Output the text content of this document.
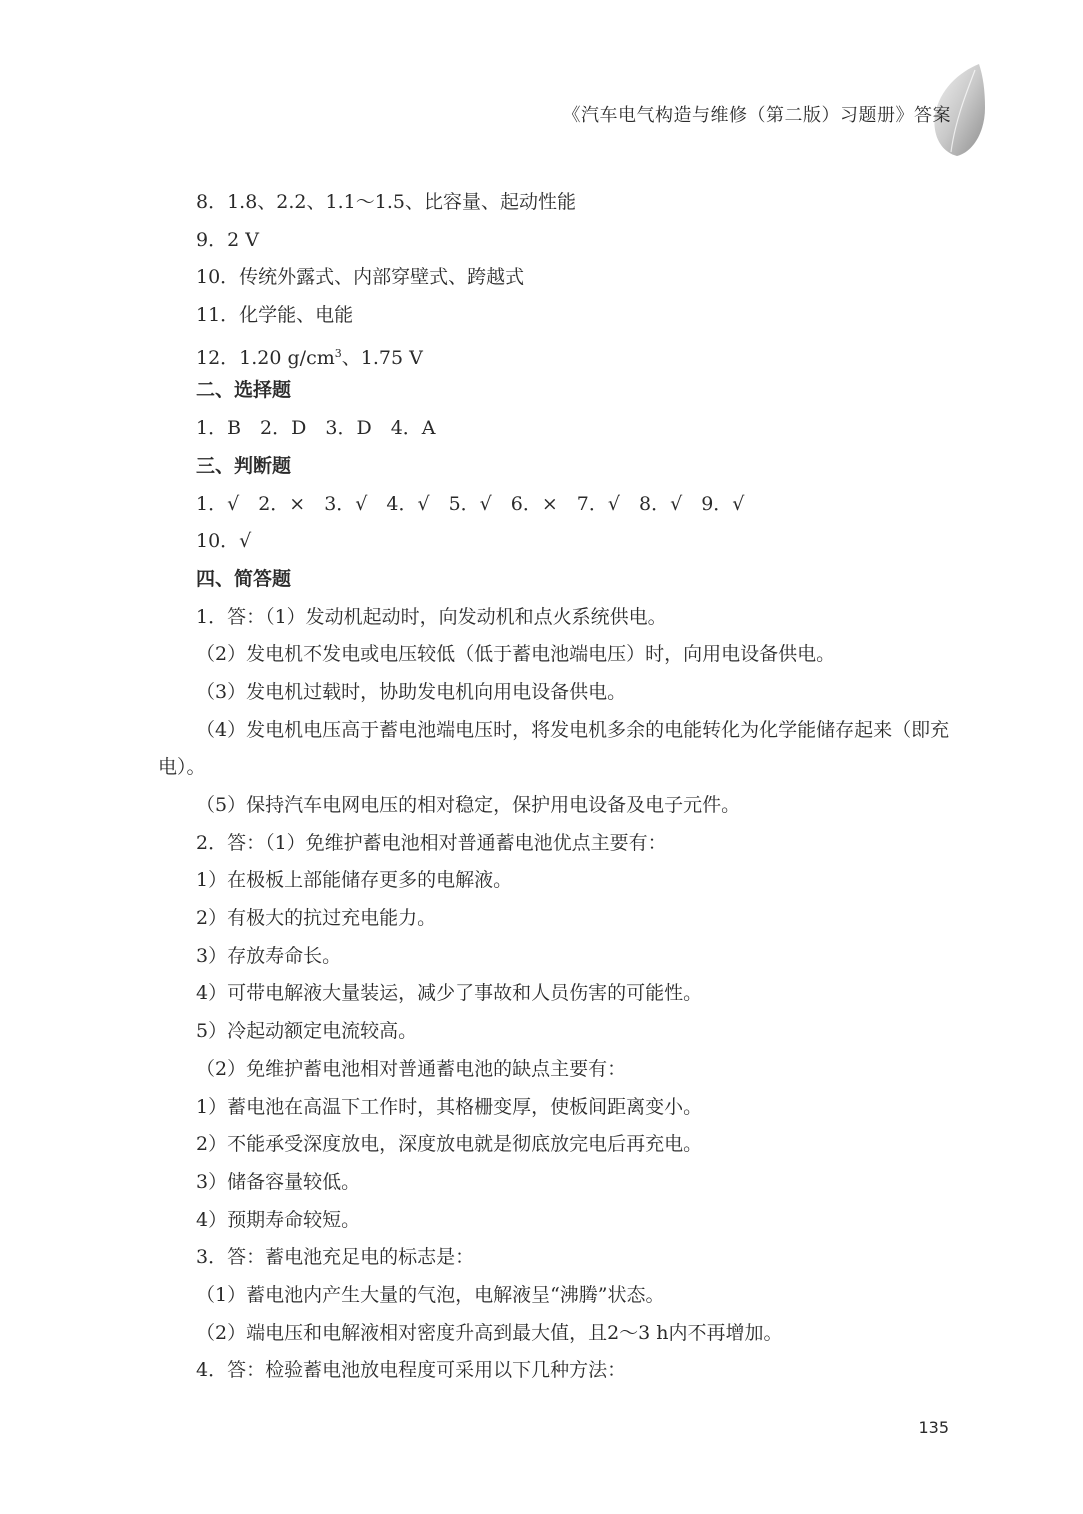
《汽车电气构造与维修（第二版）习题册》答案
8．1.8、2.2、1.1～1.5、比容量、起动性能
9．2 V
10．传统外露式、内部穿壁式、跨越式
11．化学能、电能
12．1.20 $g/cm^3$、1.75 V
二、选择题
1．B　2．D　3．D　4．A
三、判断题
1．√　2．×　3．√　4．√　5．√　6．×　7．√　8．√　9．√
10．√
四、简答题
1．答：（1）发动机起动时，向发动机和点火系统供电。
（2）发电机不发电或电压较低（低于蓄电池端电压）时，向用电设备供电。
（3）发电机过载时，协助发电机向用电设备供电。
（4）发电机电压高于蓄电池端电压时，将发电机多余的电能转化为化学能储存起来（即充电）。
（5）保持汽车电网电压的相对稳定，保护用电设备及电子元件。
2．答：（1）免维护蓄电池相对普通蓄电池优点主要有：
1）在极板上部能储存更多的电解液。
2）有极大的抗过充电能力。
3）存放寿命长。
4）可带电解液大量装运，减少了事故和人员伤害的可能性。
5）冷起动额定电流较高。
（2）免维护蓄电池相对普通蓄电池的缺点主要有：
1）蓄电池在高温下工作时，其格栅变厚，使板间距离变小。
2）不能承受深度放电，深度放电就是彻底放完电后再充电。
3）储备容量较低。
4）预期寿命较短。
3．答：蓄电池充足电的标志是：
（1）蓄电池内产生大量的气泡，电解液呈“沸腾”状态。
（2）端电压和电解液相对密度升高到最大值，且2～3 h内不再增加。
4．答：检验蓄电池放电程度可采用以下几种方法：
135
